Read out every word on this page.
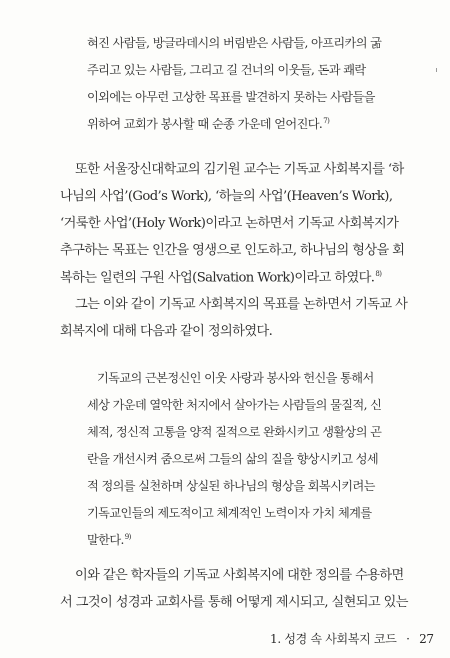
혀진 사람들, 방글라데시의 버림받은 사람들, 아프리카의 굶
주리고 있는 사람들, 그리고 길 건너의 이웃들, 돈과 쾌락
이외에는 아무런 고상한 목표를 발견하지 못하는 사람들을
위하여 교회가 봉사할 때 순종 가운데 얻어진다.$^{7)}$
또한 서울장신대학교의 김기원 교수는 기독교 사회복지를 ‘하
나님의 사업’(God’s Work), ‘하늘의 사업’(Heaven’s Work),
‘거룩한 사업’(Holy Work)이라고 논하면서 기독교 사회복지가
추구하는 목표는 인간을 영생으로 인도하고, 하나님의 형상을 회
복하는 일련의 구원 사업(Salvation Work)이라고 하였다.$^{8)}$
그는 이와 같이 기독교 사회복지의 목표를 논하면서 기독교 사
회복지에 대해 다음과 같이 정의하였다.
기독교의 근본정신인 이웃 사랑과 봉사와 헌신을 통해서
세상 가운데 열악한 처지에서 살아가는 사람들의 물질적, 신
체적, 정신적 고통을 양적 질적으로 완화시키고 생활상의 곤
란을 개선시켜 줌으로써 그들의 삶의 질을 향상시키고 성세
적 정의를 실천하며 상실된 하나님의 형상을 회복시키려는
기독교인들의 제도적이고 체계적인 노력이자 가치 체계를
말한다.$^{9)}$
이와 같은 학자들의 기독교 사회복지에 대한 정의를 수용하면
서 그것이 성경과 교회사를 통해 어떻게 제시되고, 실현되고 있는
1. 성경 속 사회복지 코드 · 27
